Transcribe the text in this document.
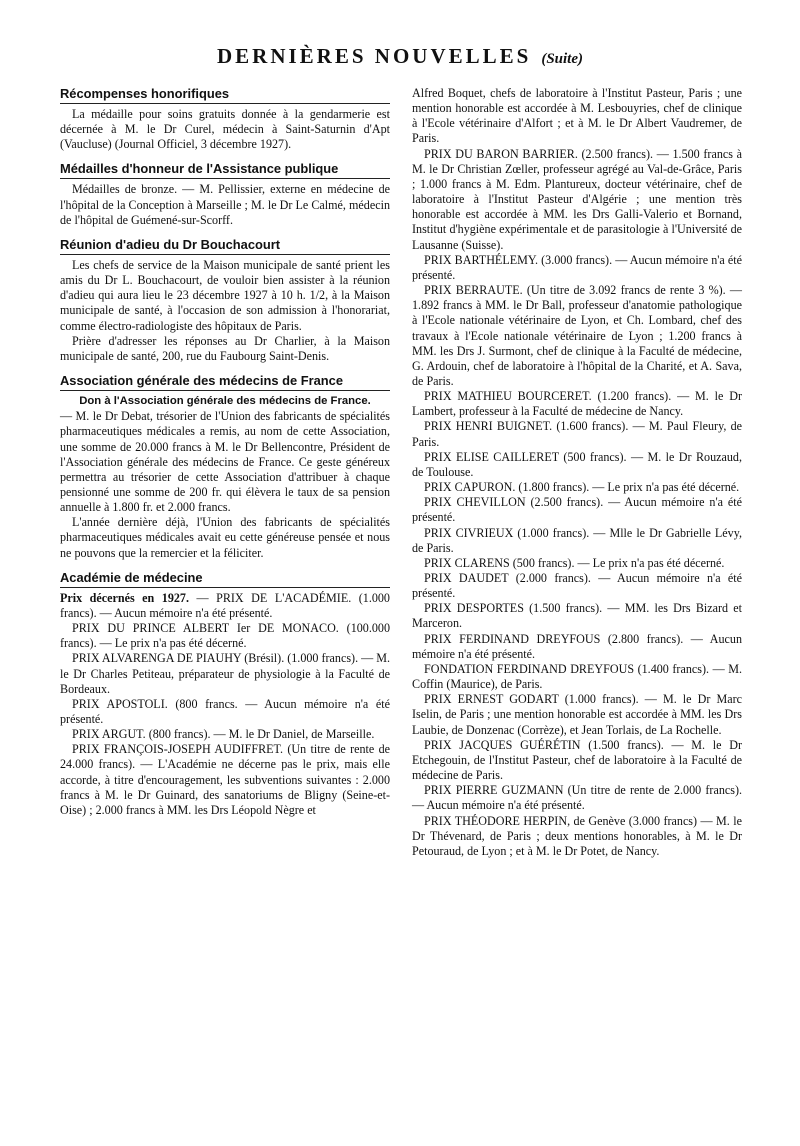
DERNIÈRES NOUVELLES (Suite)
Récompenses honorifiques

La médaille pour soins gratuits donnée à la gendarmerie est décernée à M. le Dr Curel, médecin à Saint-Saturnin d'Apt (Vaucluse) (Journal Officiel, 3 décembre 1927).

Médailles d'honneur de l'Assistance publique

Médailles de bronze. — M. Pellissier, externe en médecine de l'hôpital de la Conception à Marseille ; M. le Dr Le Calmé, médecin de l'hôpital de Guémené-sur-Scorff.

Réunion d'adieu du Dr Bouchacourt

Les chefs de service de la Maison municipale de santé prient les amis du Dr L. Bouchacourt, de vouloir bien assister à la réunion d'adieu qui aura lieu le 23 décembre 1927 à 10 h. 1/2, à la Maison municipale de santé, à l'occasion de son admission à l'honorariat, comme électro-radiologiste des hôpitaux de Paris.

Prière d'adresser les réponses au Dr Charlier, à la Maison municipale de santé, 200, rue du Faubourg Saint-Denis.

Association générale des médecins de France
Don à l'Association générale des médecins de France.

— M. le Dr Debat, trésorier de l'Union des fabricants de spécialités pharmaceutiques médicales a remis, au nom de cette Association, une somme de 20.000 francs à M. le Dr Bellencontre, Président de l'Association générale des médecins de France. Ce geste généreux permettra au trésorier de cette Association d'attribuer à chaque pensionné une somme de 200 fr. qui élèvera le taux de sa pension annuelle à 1.800 fr. et 2.000 francs.

L'année dernière déjà, l'Union des fabricants de spécialités pharmaceutiques médicales avait eu cette généreuse pensée et nous ne pouvons que la remercier et la féliciter.

Académie de médecine

Prix décernés en 1927. — PRIX DE L'ACADÉMIE. (1.000 francs). — Aucun mémoire n'a été présenté.

PRIX DU PRINCE ALBERT Ier DE MONACO. (100.000 francs). — Le prix n'a pas été décerné.

PRIX ALVARENGA DE PIAUHY (Brésil). (1.000 francs). — M. le Dr Charles Petiteau, préparateur de physiologie à la Faculté de Bordeaux.

PRIX APOSTOLI. (800 francs. — Aucun mémoire n'a été présenté.

PRIX ARGUT. (800 francs). — M. le Dr Daniel, de Marseille.

PRIX FRANÇOIS-JOSEPH AUDIFFRET. (Un titre de rente de 24.000 francs). — L'Académie ne décerne pas le prix, mais elle accorde, à titre d'encouragement, les subventions suivantes : 2.000 francs à M. le Dr Guinard, des sanatoriums de Bligny (Seine-et-Oise) ; 2.000 francs à MM. les Drs Léopold Nègre et

Alfred Boquet, chefs de laboratoire à l'Institut Pasteur, Paris ; une mention honorable est accordée à M. Lesbouyries, chef de clinique à l'Ecole vétérinaire d'Alfort ; et à M. le Dr Albert Vaudremer, de Paris.

PRIX DU BARON BARRIER. (2.500 francs). — 1.500 francs à M. le Dr Christian Zœller, professeur agrégé au Val-de-Grâce, Paris ; 1.000 francs à M. Edm. Plantureux, docteur vétérinaire, chef de laboratoire à l'Institut Pasteur d'Algérie ; une mention très honorable est accordée à MM. les Drs Galli-Valerio et Bornand, Institut d'hygiène expérimentale et de parasitologie à l'Université de Lausanne (Suisse).

PRIX BARTHÉLEMY. (3.000 francs). — Aucun mémoire n'a été présenté.

PRIX BERRAUTE. (Un titre de 3.092 francs de rente 3 %). — 1.892 francs à MM. le Dr Ball, professeur d'anatomie pathologique à l'Ecole nationale vétérinaire de Lyon, et Ch. Lombard, chef des travaux à l'Ecole nationale vétérinaire de Lyon ; 1.200 francs à MM. les Drs J. Surmont, chef de clinique à la Faculté de médecine, G. Ardouin, chef de laboratoire à l'hôpital de la Charité, et A. Sava, de Paris.

PRIX MATHIEU BOURCERET. (1.200 francs). — M. le Dr Lambert, professeur à la Faculté de médecine de Nancy.

PRIX HENRI BUIGNET. (1.600 francs). — M. Paul Fleury, de Paris.

PRIX ELISE CAILLERET (500 francs). — M. le Dr Rouzaud, de Toulouse.

PRIX CAPURON. (1.800 francs). — Le prix n'a pas été décerné.

PRIX CHEVILLON (2.500 francs). — Aucun mémoire n'a été présenté.

PRIX CIVRIEUX (1.000 francs). — Mlle le Dr Gabrielle Lévy, de Paris.

PRIX CLARENS (500 francs). — Le prix n'a pas été décerné.

PRIX DAUDET (2.000 francs). — Aucun mémoire n'a été présenté.

PRIX DESPORTES (1.500 francs). — MM. les Drs Bizard et Marceron.

PRIX FERDINAND DREYFOUS (2.800 francs). — Aucun mémoire n'a été présenté.

FONDATION FERDINAND DREYFOUS (1.400 francs). — M. Coffin (Maurice), de Paris.

PRIX ERNEST GODART (1.000 francs). — M. le Dr Marc Iselin, de Paris ; une mention honorable est accordée à MM. les Drs Laubie, de Donzenac (Corrèze), et Jean Torlais, de La Rochelle.

PRIX JACQUES GUÉRÉTIN (1.500 francs). — M. le Dr Etchegouin, de l'Institut Pasteur, chef de laboratoire à la Faculté de médecine de Paris.

PRIX PIERRE GUZMANN (Un titre de rente de 2.000 francs). — Aucun mémoire n'a été présenté.

PRIX THÉODORE HERPIN, de Genève (3.000 francs) — M. le Dr Thévenard, de Paris ; deux mentions honorables, à M. le Dr Petouraud, de Lyon ; et à M. le Dr Potet, de Nancy.
